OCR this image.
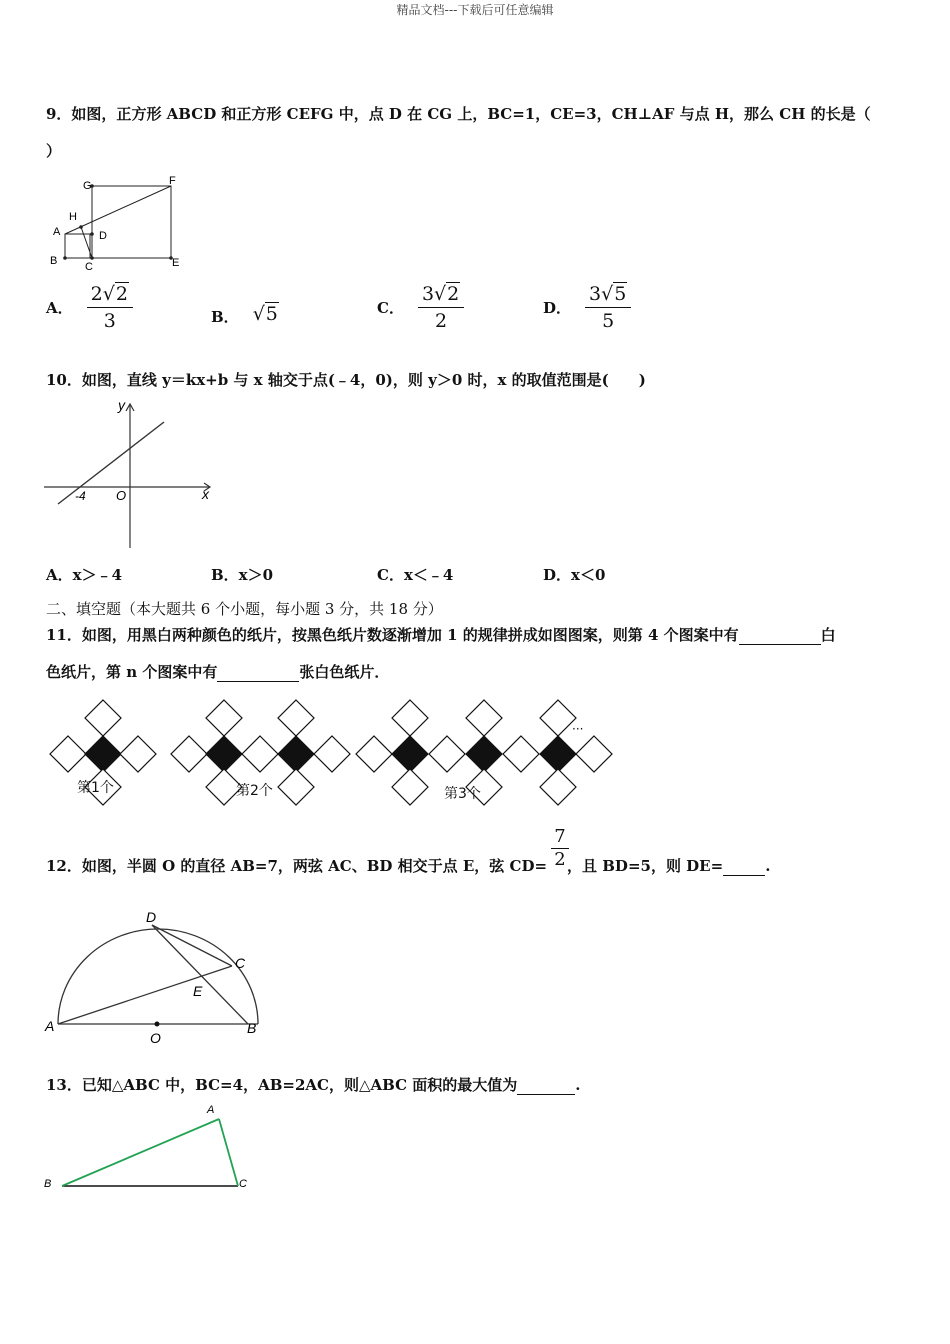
精品文档---下载后可任意编辑
9．如图，正方形 ABCD 和正方形 CEFG 中，点 D 在 CG 上，BC=1，CE=3，CH⊥AF 与点 H，那么 CH 的长是（
）
G	F
H
A	D
B	C	E
A． $\frac{2√2}{3}$	B． √5	C． $\frac{3√2}{2}$	D． $\frac{3√5}{5}$
10．如图，直线 y＝kx+b 与 x 轴交于点(﹣4，0)，则 y＞0 时，x 的取值范围是(　　)
y
x
O
-4
A．x＞﹣4	B．x＞0	C．x＜﹣4	D．x＜0
二、填空题（本大题共 6 个小题，每小题 3 分，共 18 分）
11．如图，用黑白两种颜色的纸片，按黑色纸片数逐渐增加 1 的规律拼成如图图案，则第 4 个图案中有	白
色纸片，第 n 个图案中有	张白色纸片．
···
第1个	第2个	第3个
12．如图，半圆 O 的直径 AB=7，两弦 AC、BD 相交于点 E，弦 CD= ，且 BD=5，则 DE=	.
7
2
D
C
E
A	B
O
13．已知△ABC 中，BC=4，AB=2AC，则△ABC 面积的最大值为	.
A
B	C
